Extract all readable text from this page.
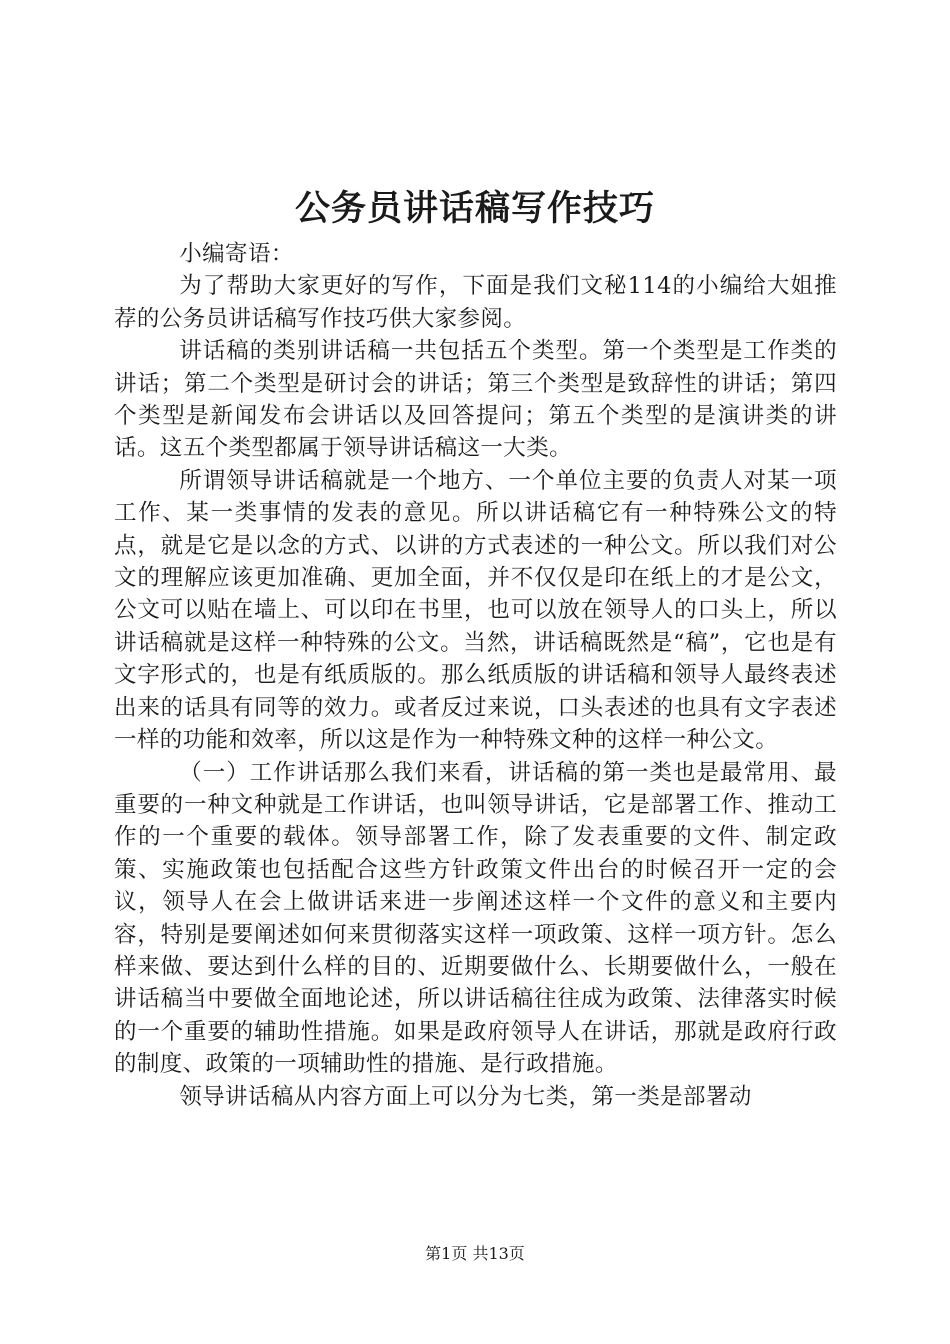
公务员讲话稿写作技巧

小编寄语：

为了帮助大家更好的写作，下面是我们文秘114的小编给大姐推荐的公务员讲话稿写作技巧供大家参阅。

讲话稿的类别讲话稿一共包括五个类型。第一个类型是工作类的讲话；第二个类型是研讨会的讲话；第三个类型是致辞性的讲话；第四个类型是新闻发布会讲话以及回答提问；第五个类型的是演讲类的讲话。这五个类型都属于领导讲话稿这一大类。

所谓领导讲话稿就是一个地方、一个单位主要的负责人对某一项工作、某一类事情的发表的意见。所以讲话稿它有一种特殊公文的特点，就是它是以念的方式、以讲的方式表述的一种公文。所以我们对公文的理解应该更加准确、更加全面，并不仅仅是印在纸上的才是公文，公文可以贴在墙上、可以印在书里，也可以放在领导人的口头上，所以讲话稿就是这样一种特殊的公文。当然，讲话稿既然是“稿”，它也是有文字形式的，也是有纸质版的。那么纸质版的讲话稿和领导人最终表述出来的话具有同等的效力。或者反过来说，口头表述的也具有文字表述一样的功能和效率，所以这是作为一种特殊文种的这样一种公文。

（一）工作讲话那么我们来看，讲话稿的第一类也是最常用、最重要的一种文种就是工作讲话，也叫领导讲话，它是部署工作、推动工作的一个重要的载体。领导部署工作，除了发表重要的文件、制定政策、实施政策也包括配合这些方针政策文件出台的时候召开一定的会议，领导人在会上做讲话来进一步阐述这样一个文件的意义和主要内容，特别是要阐述如何来贯彻落实这样一项政策、这样一项方针。怎么样来做、要达到什么样的目的、近期要做什么、长期要做什么，一般在讲话稿当中要做全面地论述，所以讲话稿往往成为政策、法律落实时候的一个重要的辅助性措施。如果是政府领导人在讲话，那就是政府行政的制度、政策的一项辅助性的措施、是行政措施。

领导讲话稿从内容方面上可以分为七类，第一类是部署动

第1页 共13页
